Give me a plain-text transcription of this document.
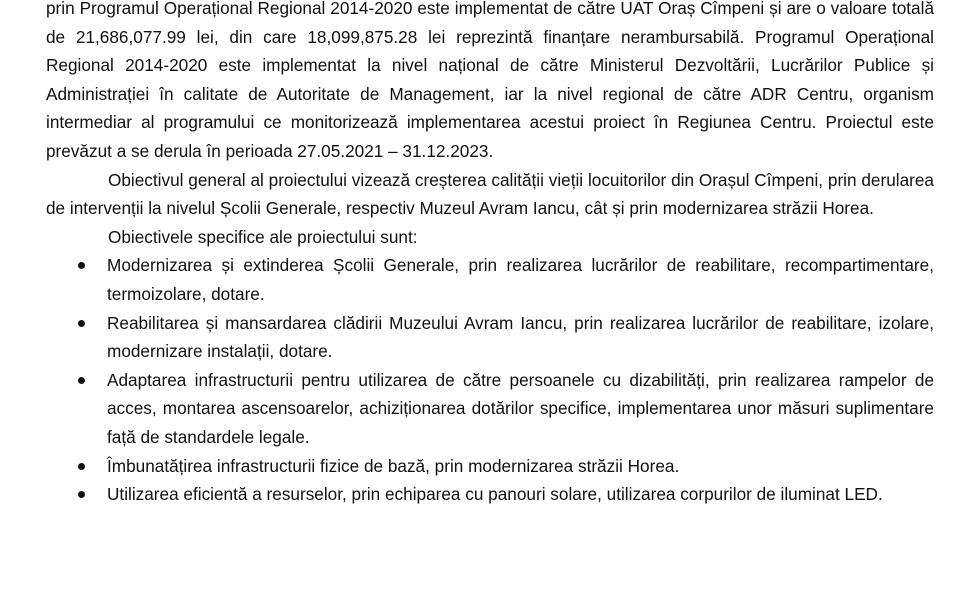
prin Programul Operațional Regional 2014-2020 este implementat de către UAT Oraș Cîmpeni și are o valoare totală de 21,686,077.99 lei, din care 18,099,875.28 lei reprezintă finanțare nerambursabilă. Programul Operațional Regional 2014-2020 este implementat la nivel național de către Ministerul Dezvoltării, Lucrărilor Publice și Administrației în calitate de Autoritate de Management, iar la nivel regional de către ADR Centru, organism intermediar al programului ce monitorizează implementarea acestui proiect în Regiunea Centru. Proiectul este prevăzut a se derula în perioada 27.05.2021 – 31.12.2023.

Obiectivul general al proiectului vizează creșterea calității vieții locuitorilor din Orașul Cîmpeni, prin derularea de intervenții la nivelul Școlii Generale, respectiv Muzeul Avram Iancu, cât și prin modernizarea străzii Horea.

Obiectivele specifice ale proiectului sunt:

Modernizarea și extinderea Școlii Generale, prin realizarea lucrărilor de reabilitare, recompartimentare, termoizolare, dotare.
Reabilitarea și mansardarea clădirii Muzeului Avram Iancu, prin realizarea lucrărilor de reabilitare, izolare, modernizare instalații, dotare.
Adaptarea infrastructurii pentru utilizarea de către persoanele cu dizabilități, prin realizarea rampelor de acces, montarea ascensoarelor, achiziționarea dotărilor specifice, implementarea unor măsuri suplimentare față de standardele legale.
Îmbunatățirea infrastructurii fizice de bază, prin modernizarea străzii Horea.
Utilizarea eficientă a resurselor, prin echiparea cu panouri solare, utilizarea corpurilor de iluminat LED.
